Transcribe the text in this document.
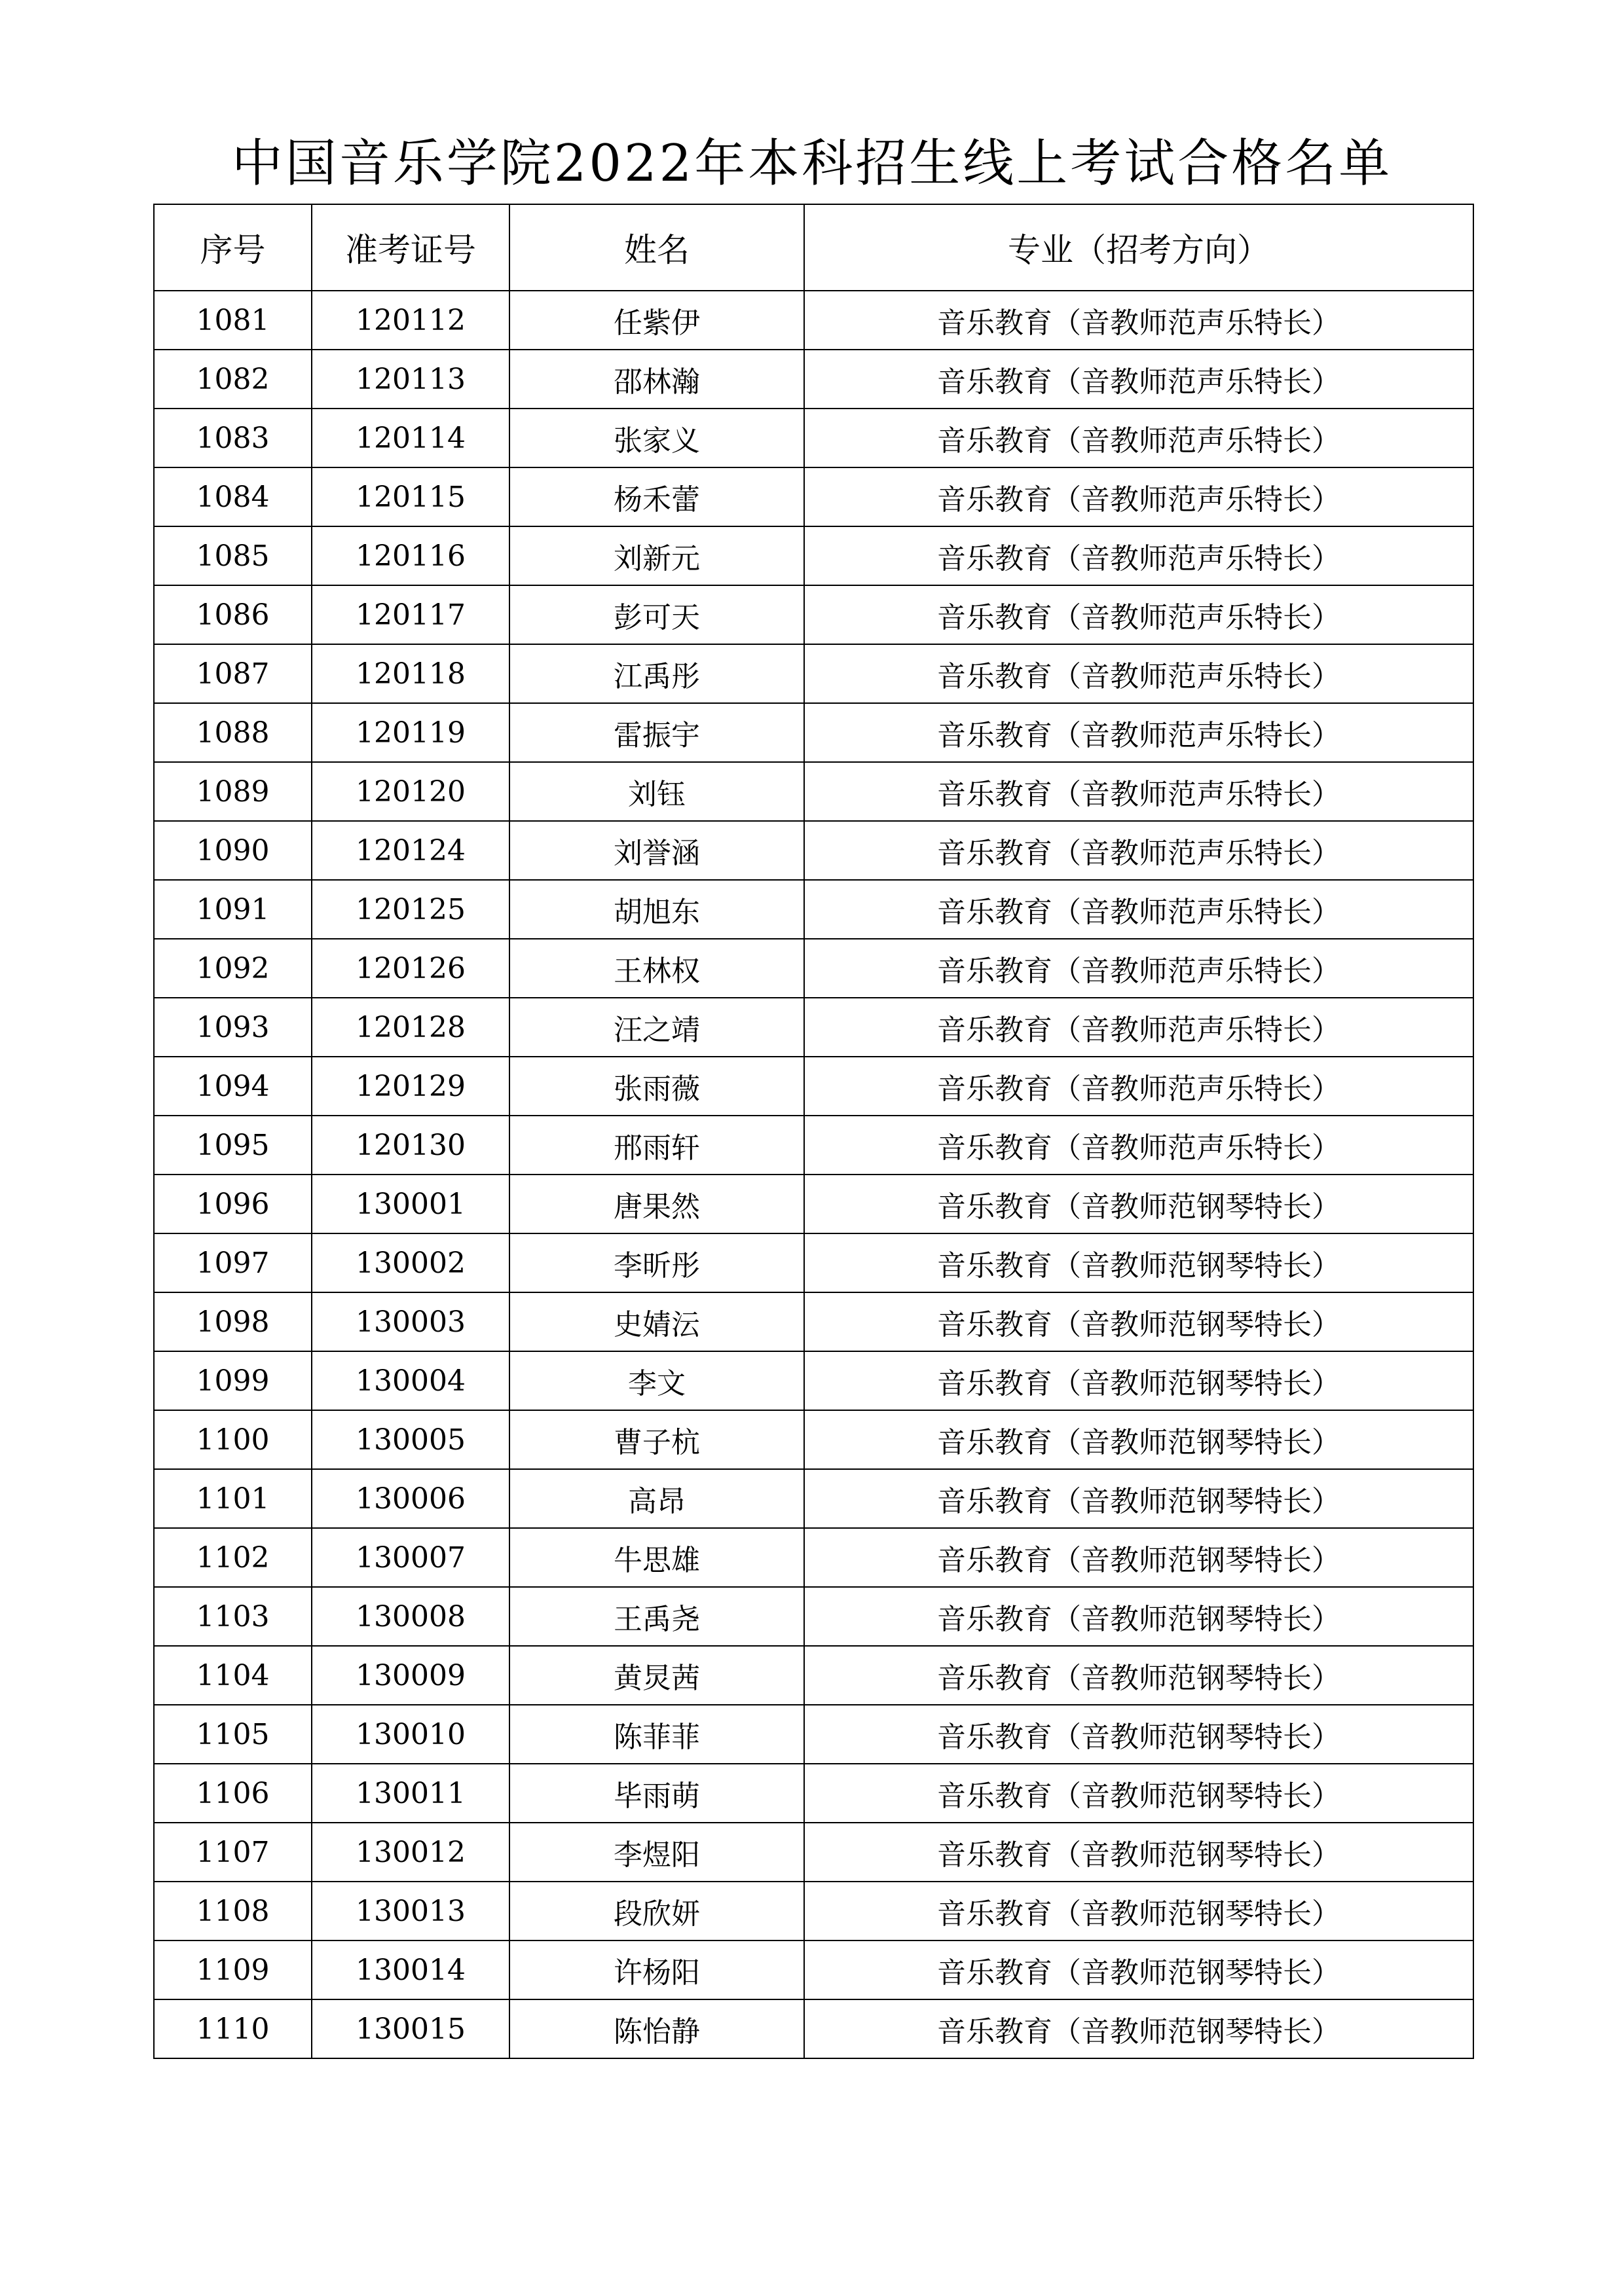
中国音乐学院2022年本科招生线上考试合格名单
序号	准考证号	姓名	专业（招考方向）
1081	120112	任紫伊	音乐教育（音教师范声乐特长）
1082	120113	邵林瀚	音乐教育（音教师范声乐特长）
1083	120114	张家义	音乐教育（音教师范声乐特长）
1084	120115	杨禾蕾	音乐教育（音教师范声乐特长）
1085	120116	刘新元	音乐教育（音教师范声乐特长）
1086	120117	彭可天	音乐教育（音教师范声乐特长）
1087	120118	江禹彤	音乐教育（音教师范声乐特长）
1088	120119	雷振宇	音乐教育（音教师范声乐特长）
1089	120120	刘钰	音乐教育（音教师范声乐特长）
1090	120124	刘誉涵	音乐教育（音教师范声乐特长）
1091	120125	胡旭东	音乐教育（音教师范声乐特长）
1092	120126	王林权	音乐教育（音教师范声乐特长）
1093	120128	汪之靖	音乐教育（音教师范声乐特长）
1094	120129	张雨薇	音乐教育（音教师范声乐特长）
1095	120130	邢雨轩	音乐教育（音教师范声乐特长）
1096	130001	唐果然	音乐教育（音教师范钢琴特长）
1097	130002	李昕彤	音乐教育（音教师范钢琴特长）
1098	130003	史婧沄	音乐教育（音教师范钢琴特长）
1099	130004	李文	音乐教育（音教师范钢琴特长）
1100	130005	曹子杭	音乐教育（音教师范钢琴特长）
1101	130006	高昂	音乐教育（音教师范钢琴特长）
1102	130007	牛思雄	音乐教育（音教师范钢琴特长）
1103	130008	王禹尧	音乐教育（音教师范钢琴特长）
1104	130009	黄炅茜	音乐教育（音教师范钢琴特长）
1105	130010	陈菲菲	音乐教育（音教师范钢琴特长）
1106	130011	毕雨萌	音乐教育（音教师范钢琴特长）
1107	130012	李煜阳	音乐教育（音教师范钢琴特长）
1108	130013	段欣妍	音乐教育（音教师范钢琴特长）
1109	130014	许杨阳	音乐教育（音教师范钢琴特长）
1110	130015	陈怡静	音乐教育（音教师范钢琴特长）
